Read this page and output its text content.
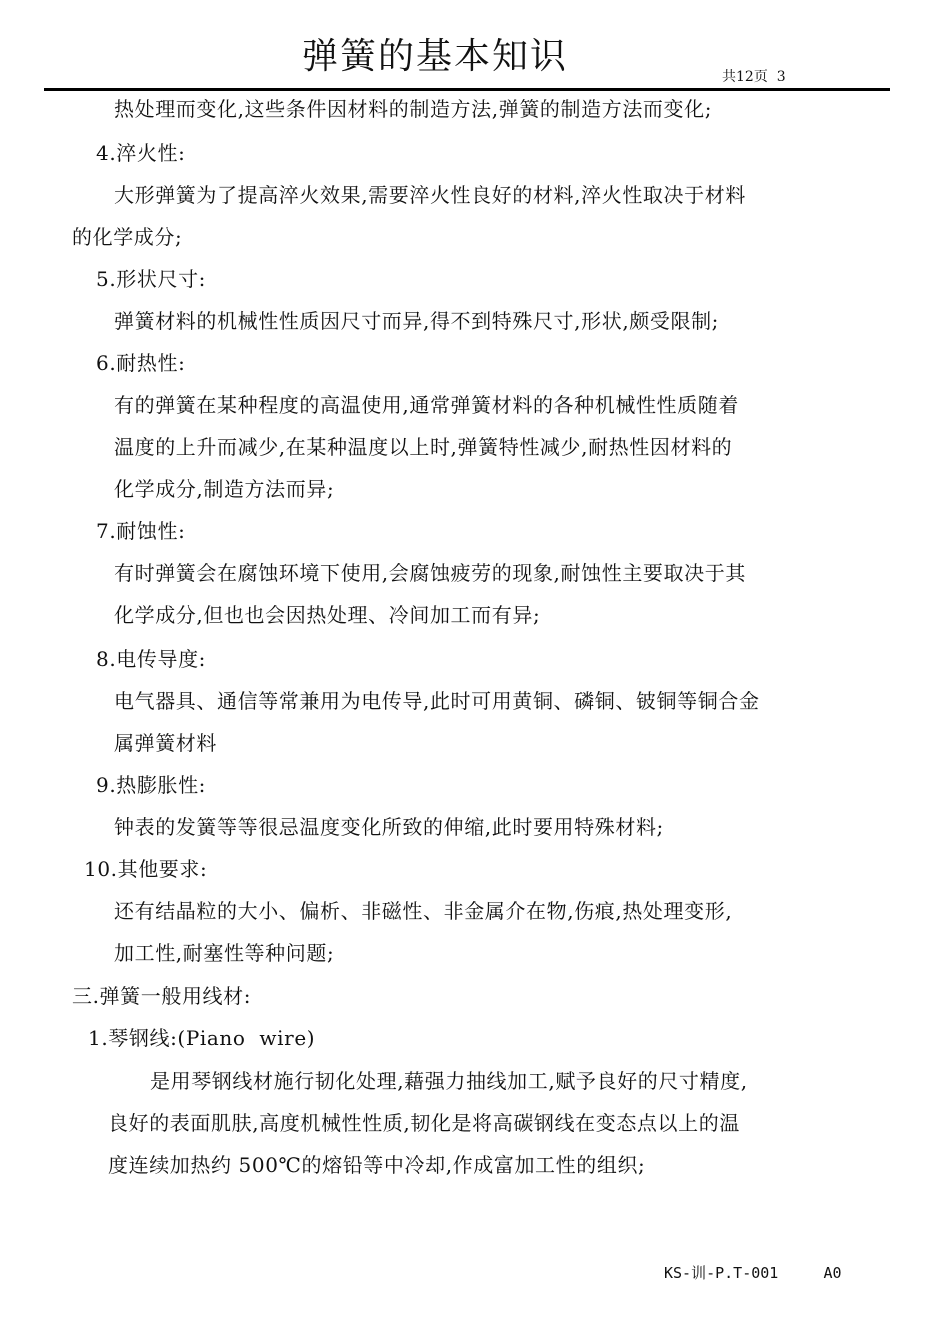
弹簧的基本知识	共12页  3
热处理而变化,这些条件因材料的制造方法,弹簧的制造方法而变化;
4.淬火性:
大形弹簧为了提高淬火效果,需要淬火性良好的材料,淬火性取决于材料
的化学成分;
5.形状尺寸:
弹簧材料的机械性性质因尺寸而异,得不到特殊尺寸,形状,颇受限制;
6.耐热性:
有的弹簧在某种程度的高温使用,通常弹簧材料的各种机械性性质随着
温度的上升而减少,在某种温度以上时,弹簧特性减少,耐热性因材料的
化学成分,制造方法而异;
7.耐蚀性:
有时弹簧会在腐蚀环境下使用,会腐蚀疲劳的现象,耐蚀性主要取决于其
化学成分,但也也会因热处理、冷间加工而有异;
8.电传导度:
电气器具、通信等常兼用为电传导,此时可用黄铜、磷铜、铍铜等铜合金
属弹簧材料
9.热膨胀性:
钟表的发簧等等很忌温度变化所致的伸缩,此时要用特殊材料;
10.其他要求:
还有结晶粒的大小、偏析、非磁性、非金属介在物,伤痕,热处理变形,
加工性,耐塞性等种问题;
三.弹簧一般用线材:
1.琴钢线:(Piano  wire)
是用琴钢线材施行韧化处理,藉强力抽线加工,赋予良好的尺寸精度,
良好的表面肌肤,高度机械性性质,韧化是将高碳钢线在变态点以上的温
度连续加热约 500℃的熔铅等中冷却,作成富加工性的组织;
KS-训-P.T-001     A0
